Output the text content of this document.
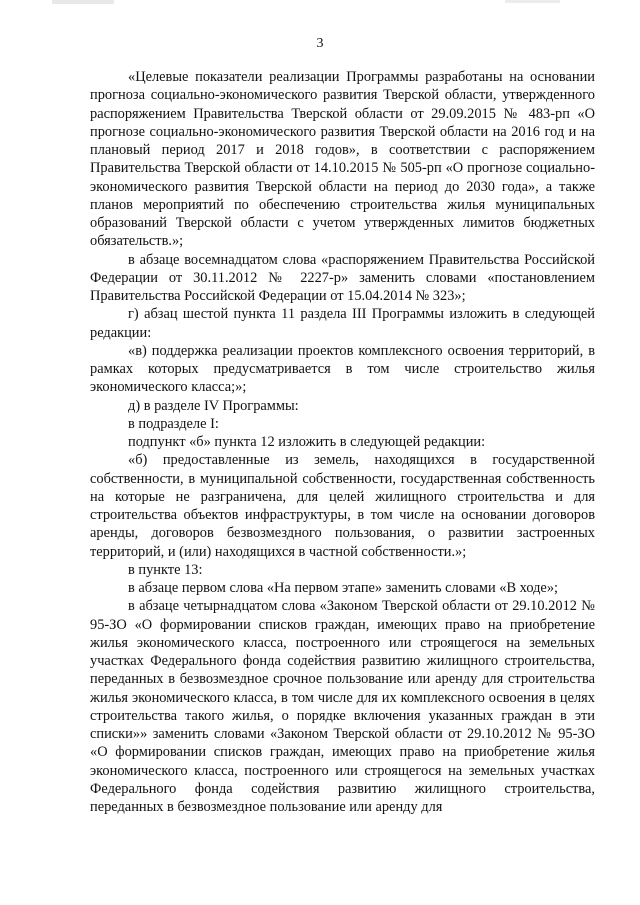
3

«Целевые показатели реализации Программы разработаны на основании прогноза социально-экономического развития Тверской области, утвержденного распоряжением Правительства Тверской области от 29.09.2015 № 483-рп «О прогнозе социально-экономического развития Тверской области на 2016 год и на плановый период 2017 и 2018 годов», в соответствии с распоряжением Правительства Тверской области от 14.10.2015 № 505-рп «О прогнозе социально-экономического развития Тверской области на период до 2030 года», а также планов мероприятий по обеспечению строительства жилья муниципальных образований Тверской области с учетом утвержденных лимитов бюджетных обязательств.»;

в абзаце восемнадцатом слова «распоряжением Правительства Российской Федерации от 30.11.2012 № 2227-р» заменить словами «постановлением Правительства Российской Федерации от 15.04.2014 № 323»;

г) абзац шестой пункта 11 раздела III Программы изложить в следующей редакции:

«в) поддержка реализации проектов комплексного освоения территорий, в рамках которых предусматривается в том числе строительство жилья экономического класса;»;

д) в разделе IV Программы:

в подразделе I:

подпункт «б» пункта 12 изложить в следующей редакции:

«б) предоставленные из земель, находящихся в государственной собственности, в муниципальной собственности, государственная собственность на которые не разграничена, для целей жилищного строительства и для строительства объектов инфраструктуры, в том числе на основании договоров аренды, договоров безвозмездного пользования, о развитии застроенных территорий, и (или) находящихся в частной собственности.»;

в пункте 13:

в абзаце первом слова «На первом этапе» заменить словами «В ходе»;

в абзаце четырнадцатом слова «Законом Тверской области от 29.10.2012 № 95-ЗО «О формировании списков граждан, имеющих право на приобретение жилья экономического класса, построенного или строящегося на земельных участках Федерального фонда содействия развитию жилищного строительства, переданных в безвозмездное срочное пользование или аренду для строительства жилья экономического класса, в том числе для их комплексного освоения в целях строительства такого жилья, о порядке включения указанных граждан в эти списки»» заменить словами «Законом Тверской области от 29.10.2012 № 95-ЗО «О формировании списков граждан, имеющих право на приобретение жилья экономического класса, построенного или строящегося на земельных участках Федерального фонда содействия развитию жилищного строительства, переданных в безвозмездное пользование или аренду для
